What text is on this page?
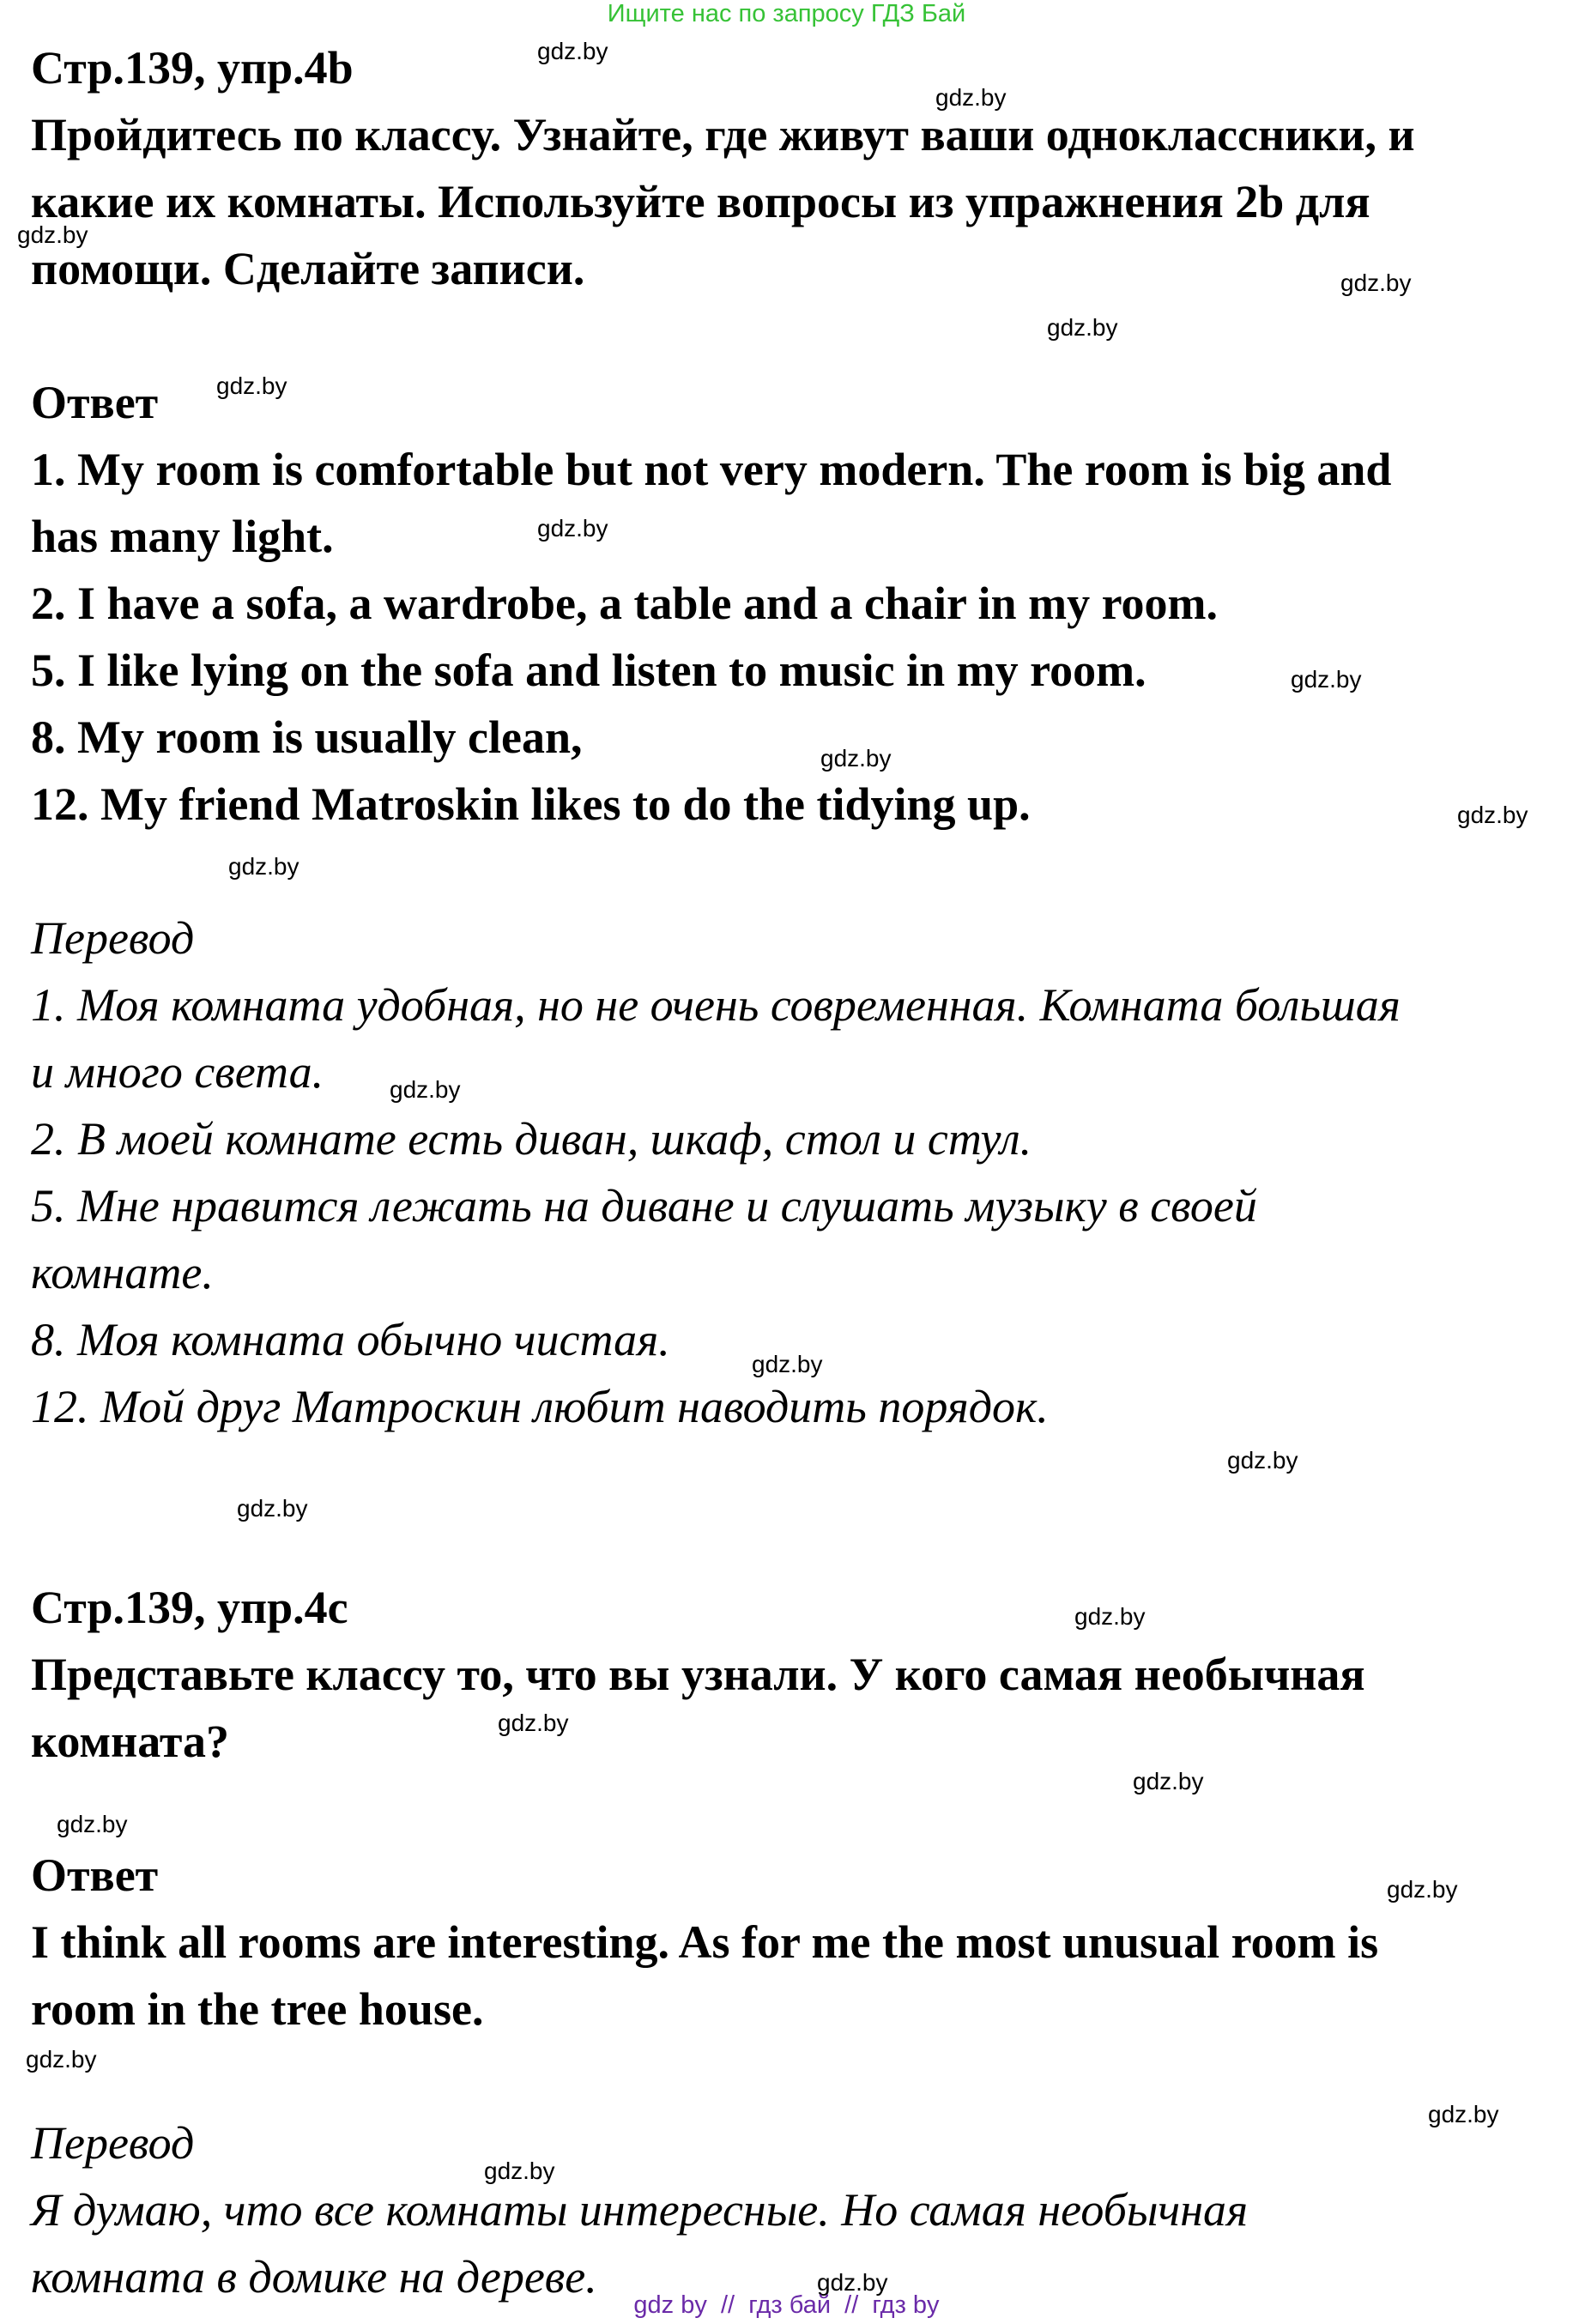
Ищите нас по запросу ГДЗ Бай
Стр.139, упр.4b
Пройдитесь по классу. Узнайте, где живут ваши одноклассники, и
какие их комнаты. Используйте вопросы из упражнения 2b для
помощи. Сделайте записи.
Ответ
1. My room is comfortable but not very modern. The room is big and
has many light.
2. I have a sofa, a wardrobe, a table and a chair in my room.
5. I like lying on the sofa and listen to music in my room.
8. My room is usually clean,
12. My friend Matroskin likes to do the tidying up.
Перевод
1. Моя комната удобная, но не очень современная. Комната большая
и много света.
2. В моей комнате есть диван, шкаф, стол и стул.
5. Мне нравится лежать на диване и слушать музыку в своей
комнате.
8. Моя комната обычно чистая.
12. Мой друг Матроскин любит наводить порядок.
Стр.139, упр.4c
Представьте классу то, что вы узнали. У кого самая необычная
комната?
Ответ
I think all rooms are interesting. As for me the most unusual room is
room in the tree house.
Перевод
Я думаю, что все комнаты интересные. Но самая необычная
комната в домике на дереве.
gdz.by
gdz.by
gdz.by
gdz.by
gdz.by
gdz.by
gdz.by
gdz.by
gdz.by
gdz.by
gdz.by
gdz.by
gdz.by
gdz.by
gdz.by
gdz.by
gdz.by
gdz.by
gdz.by
gdz.by
gdz.by
gdz.by
gdz.by
gdz.by
gdz by  //  гдз бай  //  гдз by
